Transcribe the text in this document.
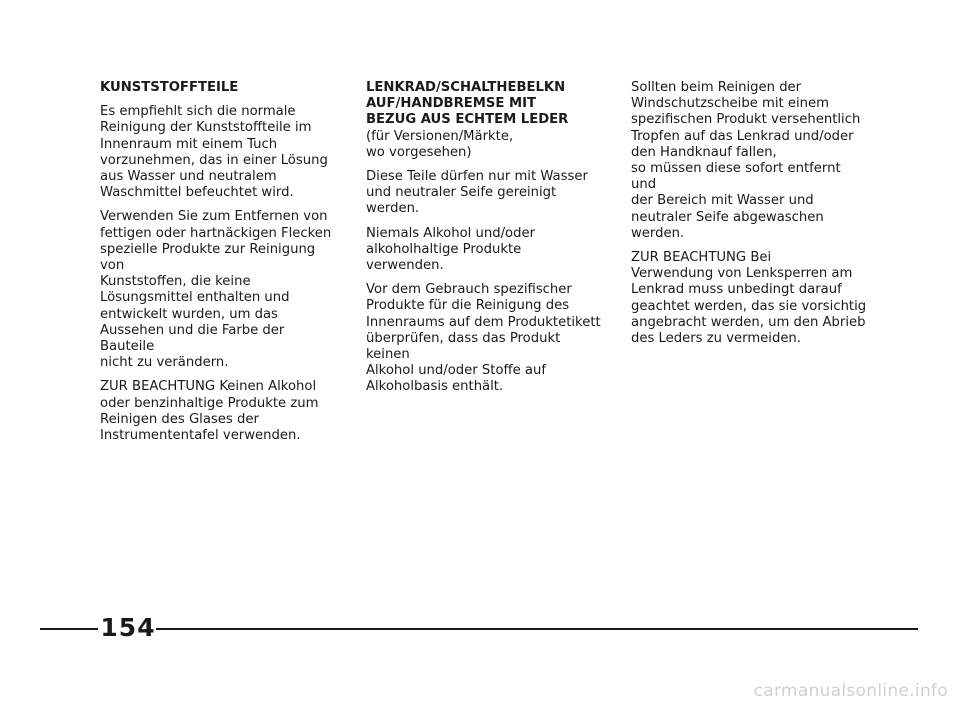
KUNSTSTOFFTEILE

Es empfiehlt sich die normale
Reinigung der Kunststoffteile im
Innenraum mit einem Tuch
vorzunehmen, das in einer Lösung
aus Wasser und neutralem
Waschmittel befeuchtet wird.

Verwenden Sie zum Entfernen von
fettigen oder hartnäckigen Flecken
spezielle Produkte zur Reinigung von
Kunststoffen, die keine
Lösungsmittel enthalten und
entwickelt wurden, um das
Aussehen und die Farbe der Bauteile
nicht zu verändern.

ZUR BEACHTUNG Keinen Alkohol
oder benzinhaltige Produkte zum
Reinigen des Glases der
Instrumententafel verwenden.

LENKRAD/SCHALTHEBELKN
AUF/HANDBREMSE MIT
BEZUG AUS ECHTEM LEDER

(für Versionen/Märkte,
wo vorgesehen)

Diese Teile dürfen nur mit Wasser
und neutraler Seife gereinigt werden.

Niemals Alkohol und/oder
alkoholhaltige Produkte verwenden.

Vor dem Gebrauch spezifischer
Produkte für die Reinigung des
Innenraums auf dem Produktetikett
überprüfen, dass das Produkt keinen
Alkohol und/oder Stoffe auf
Alkoholbasis enthält.

Sollten beim Reinigen der
Windschutzscheibe mit einem
spezifischen Produkt versehentlich
Tropfen auf das Lenkrad und/oder
den Handknauf fallen,
so müssen diese sofort entfernt und
der Bereich mit Wasser und
neutraler Seife abgewaschen
werden.

ZUR BEACHTUNG Bei
Verwendung von Lenksperren am
Lenkrad muss unbedingt darauf
geachtet werden, das sie vorsichtig
angebracht werden, um den Abrieb
des Leders zu vermeiden.

154
carmanualsonline.info
